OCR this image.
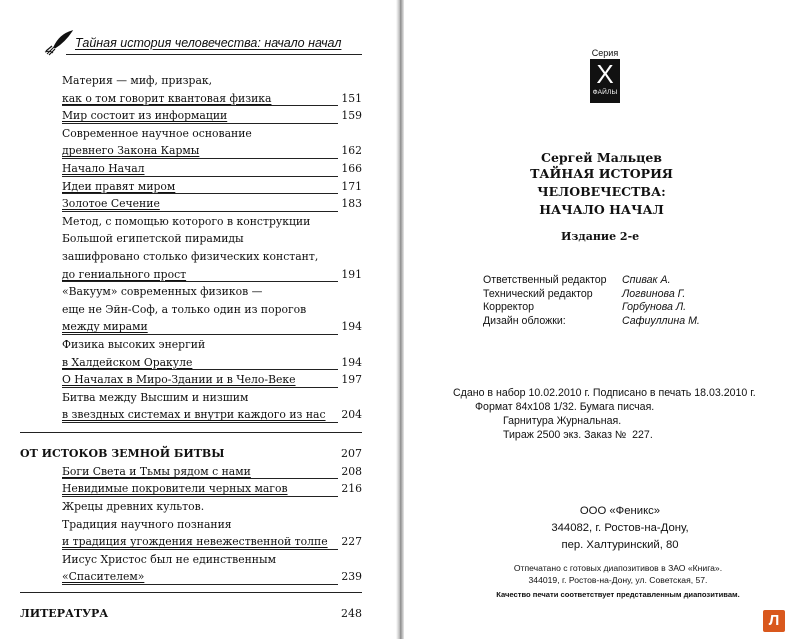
Тайная история человечества: начало начал
Материя — миф, призрак,
как о том говорит квантовая физика	151
Мир состоит из информации	159
Современное научное основание
древнего Закона Кармы	162
Начало Начал	166
Идеи правят миром	171
Золотое Сечение	183
Метод, с помощью которого в конструкции
Большой египетской пирамиды
зашифровано столько физических констант,
до гениального прост	191
«Вакуум» современных физиков —
еще не Эйн-Соф, а только один из порогов
между мирами	194
Физика высоких энергий
в Халдейском Оракуле	194
О Началах в Миро-Здании и в Чело-Веке	197
Битва между Высшим и низшим
в звездных системах и внутри каждого из нас 204
ОТ ИСТОКОВ ЗЕМНОЙ БИТВЫ	207
Боги Света и Тьмы рядом с нами	208
Невидимые покровители черных магов	216
Жрецы древних культов.
Традиция научного познания
и традиция угождения невежественной толпе 227
Иисус Христос был не единственным
«Спасителем»	239
ЛИТЕРАТУРА	248
Серия
X
ФАЙЛЫ
Сергей Мальцев
ТАЙНАЯ ИСТОРИЯ
ЧЕЛОВЕЧЕСТВА:
НАЧАЛО НАЧАЛ
Издание 2-е
Ответственный редактор Спивак А.
Технический редактор	Логвинова Г.
Корректор	Горбунова Л.
Дизайн обложки:	Сафиуллина М.
Сдано в набор 10.02.2010 г. Подписано в печать 18.03.2010 г.
Формат 84х108 1/32. Бумага писчая.
Гарнитура Журнальная.
Тираж 2500 экз. Заказ № 227.
ООО «Феникс»
344082, г. Ростов-на-Дону,
пер. Халтуринский, 80
Отпечатано с готовых диапозитивов в ЗАО «Книга».
344019, г. Ростов-на-Дону, ул. Советская, 57.
Качество печати соответствует представленным диапозитивам.
Л
